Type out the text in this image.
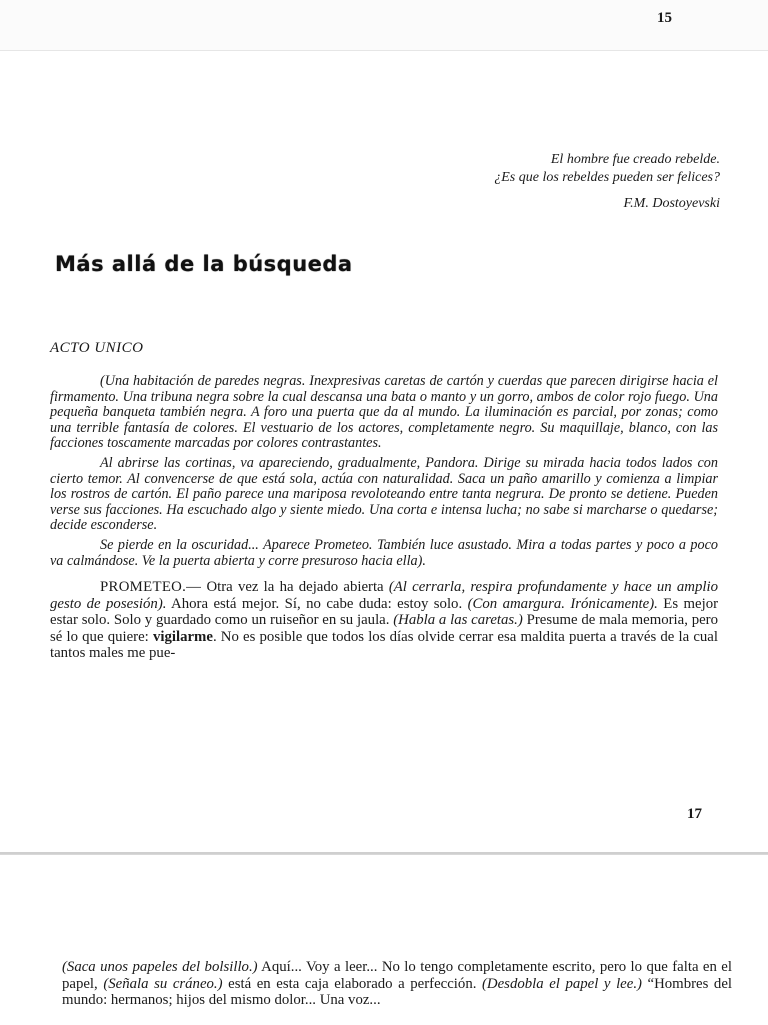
15
El hombre fue creado rebelde.
¿Es que los rebeldes pueden ser felices?
F.M. Dostoyevski
Más allá de la búsqueda
ACTO UNICO

(Una habitación de paredes negras. Inexpresivas caretas de cartón y cuerdas que parecen dirigirse hacia el firmamento. Una tribuna negra sobre la cual descansa una bata o manto y un gorro, ambos de color rojo fuego. Una pequeña banqueta también negra. A foro una puerta que da al mundo. La iluminación es parcial, por zonas; como una terrible fantasía de colores. El vestuario de los actores, completamente negro. Su maquillaje, blanco, con las facciones toscamente marcadas por colores contrastantes.

Al abrirse las cortinas, va apareciendo, gradualmente, Pandora. Dirige su mirada hacia todos lados con cierto temor. Al convencerse de que está sola, actúa con naturalidad. Saca un paño amarillo y comienza a limpiar los rostros de cartón. El paño parece una mariposa revoloteando entre tanta negrura. De pronto se detiene. Pueden verse sus facciones. Ha escuchado algo y siente miedo. Una corta e intensa lucha; no sabe si marcharse o quedarse; decide esconderse.

Se pierde en la oscuridad... Aparece Prometeo. También luce asustado. Mira a todas partes y poco a poco va calmándose. Ve la puerta abierta y corre presuroso hacia ella).

PROMETEO.— Otra vez la ha dejado abierta (Al cerrarla, respira profundamente y hace un amplio gesto de posesión). Ahora está mejor. Sí, no cabe duda: estoy solo. (Con amargura. Irónicamente). Es mejor estar solo. Solo y guardado como un ruiseñor en su jaula. (Habla a las caretas.) Presume de mala memoria, pero sé lo que quiere: vigilarme. No es posible que todos los días olvide cerrar esa maldita puerta a través de la cual tantos males me pue-

17
(Saca unos papeles del bolsillo.) Aquí... Voy a leer... No lo tengo completamente escrito, pero lo que falta en el papel, (Señala su cráneo.) está en esta caja elaborado a perfección. (Desdobla el papel y lee.) “Hombres del mundo: hermanos; hijos del mismo dolor... Una voz...
